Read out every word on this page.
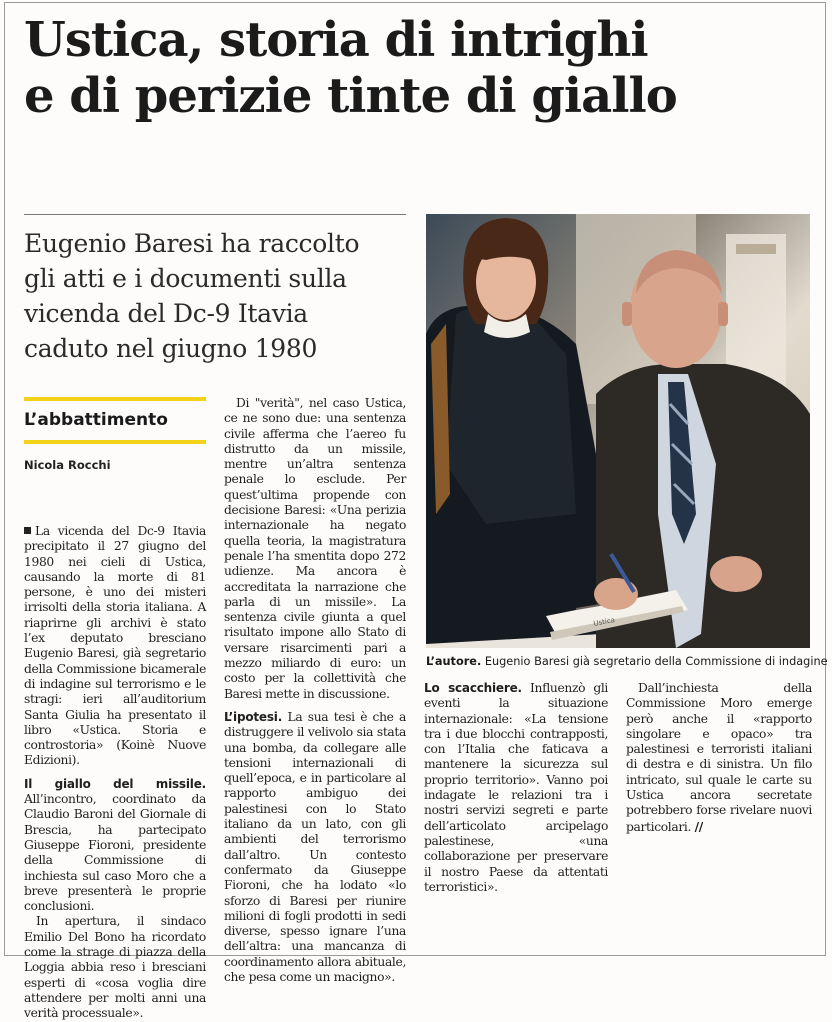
Ustica, storia di intrighi
e di perizie tinte di giallo
Eugenio Baresi ha raccolto
gli atti e i documenti sulla
vicenda del Dc-9 Itavia
caduto nel giugno 1980
Ustica
L’autore. Eugenio Baresi già segretario della Commissione di indagine
L’abbattimento
Nicola Rocchi

La vicenda del Dc-9 Itavia precipitato il 27 giugno del 1980 nei cieli di Ustica, causando la morte di 81 persone, è uno dei misteri irrisolti della storia italiana. A riaprirne gli archivi è stato l’ex deputato bresciano Eugenio Baresi, già segretario della Commissione bicamerale di indagine sul terrorismo e le stragi: ieri all’auditorium Santa Giulia ha presentato il libro «Ustica. Storia e controstoria» (Koinè Nuove Edizioni).

Il giallo del missile. All’incontro, coordinato da Claudio Baroni del Giornale di Brescia, ha partecipato Giuseppe Fioroni, presidente della Commissione di inchiesta sul caso Moro che a breve presenterà le proprie conclusioni.

In apertura, il sindaco Emilio Del Bono ha ricordato come la strage di piazza della Loggia abbia reso i bresciani esperti di «cosa voglia dire attendere per molti anni una verità processuale».

Di "verità", nel caso Ustica, ce ne sono due: una sentenza civile afferma che l’aereo fu distrutto da un missile, mentre un’altra sentenza penale lo esclude. Per quest’ultima propende con decisione Baresi: «Una perizia internazionale ha negato quella teoria, la magistratura penale l’ha smentita dopo 272 udienze. Ma ancora è accreditata la narrazione che parla di un missile». La sentenza civile giunta a quel risultato impone allo Stato di versare risarcimenti pari a mezzo miliardo di euro: un costo per la collettività che Baresi mette in discussione.

L’ipotesi. La sua tesi è che a distruggere il velivolo sia stata una bomba, da collegare alle tensioni internazionali di quell’epoca, e in particolare al rapporto ambiguo dei palestinesi con lo Stato italiano da un lato, con gli ambienti del terrorismo dall’altro. Un contesto confermato da Giuseppe Fioroni, che ha lodato «lo sforzo di Baresi per riunire milioni di fogli prodotti in sedi diverse, spesso ignare l’una dell’altra: una mancanza di coordinamento allora abituale, che pesa come un macigno».

Lo scacchiere. Influenzò gli eventi la situazione internazionale: «La tensione tra i due blocchi contrapposti, con l’Italia che faticava a mantenere la sicurezza sul proprio territorio». Vanno poi indagate le relazioni tra i nostri servizi segreti e parte dell’articolato arcipelago palestinese, «una collaborazione per preservare il nostro Paese da attentati terroristici».

Dall’inchiesta della Commissione Moro emerge però anche il «rapporto singolare e opaco» tra palestinesi e terroristi italiani di destra e di sinistra. Un filo intricato, sul quale le carte su Ustica ancora secretate potrebbero forse rivelare nuovi particolari. //
